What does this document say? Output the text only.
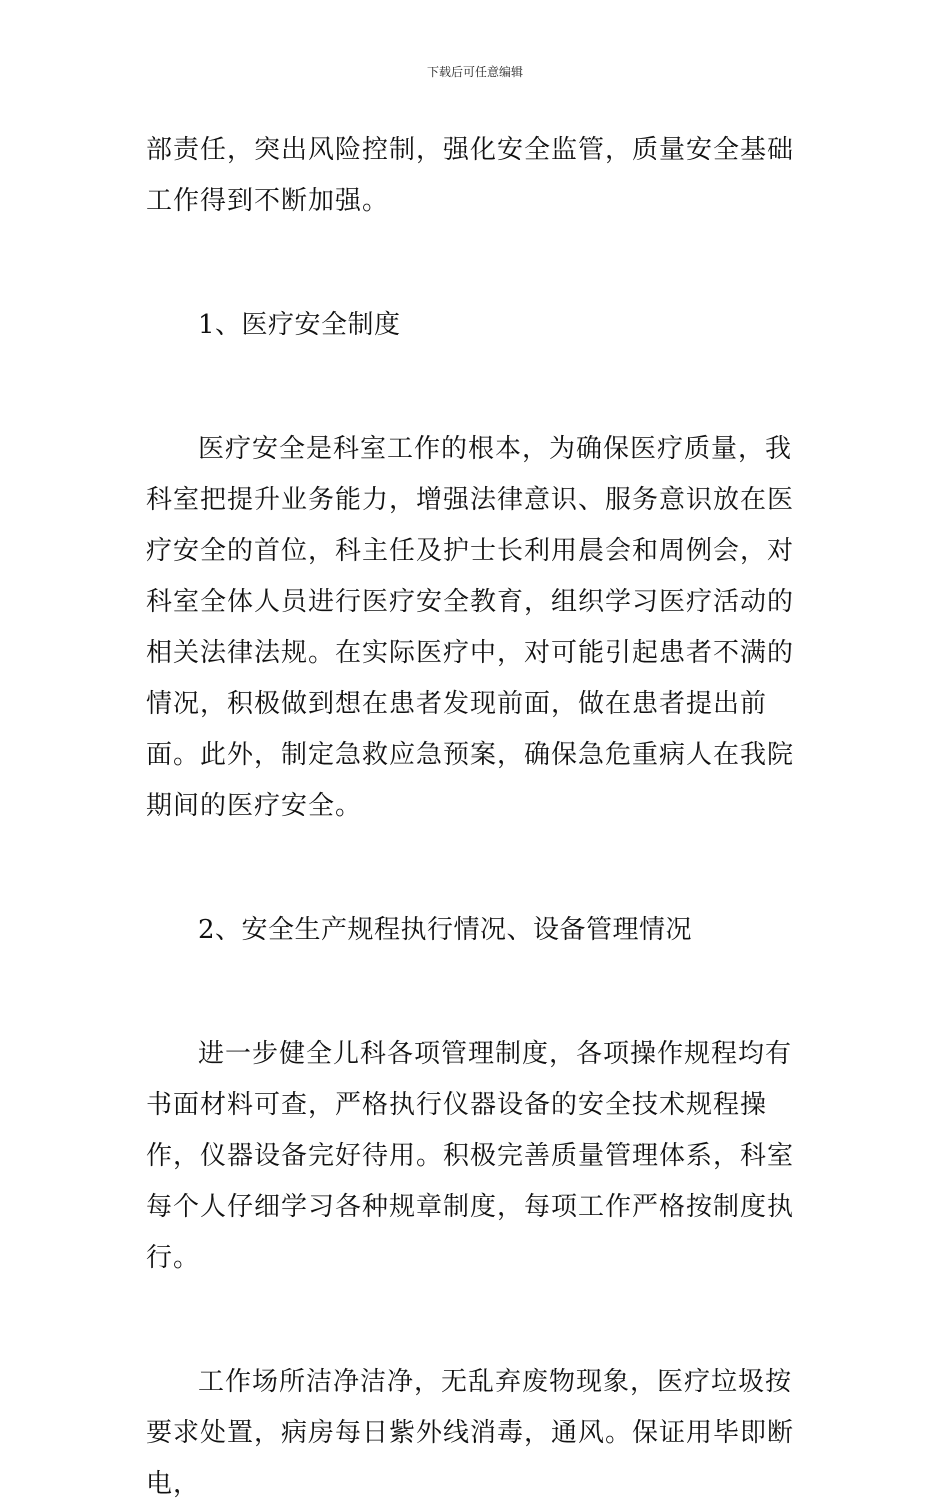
下载后可任意编辑

部责任，突出风险控制，强化安全监管，质量安全基础工作得到不断加强。

1、医疗安全制度

医疗安全是科室工作的根本，为确保医疗质量，我科室把提升业务能力，增强法律意识、服务意识放在医疗安全的首位，科主任及护士长利用晨会和周例会，对科室全体人员进行医疗安全教育，组织学习医疗活动的相关法律法规。在实际医疗中，对可能引起患者不满的情况，积极做到想在患者发现前面，做在患者提出前面。此外，制定急救应急预案，确保急危重病人在我院期间的医疗安全。

2、安全生产规程执行情况、设备管理情况

进一步健全儿科各项管理制度，各项操作规程均有书面材料可查，严格执行仪器设备的安全技术规程操作，仪器设备完好待用。积极完善质量管理体系，科室每个人仔细学习各种规章制度，每项工作严格按制度执行。

工作场所洁净洁净，无乱弃废物现象，医疗垃圾按要求处置，病房每日紫外线消毒，通风。保证用毕即断电，
